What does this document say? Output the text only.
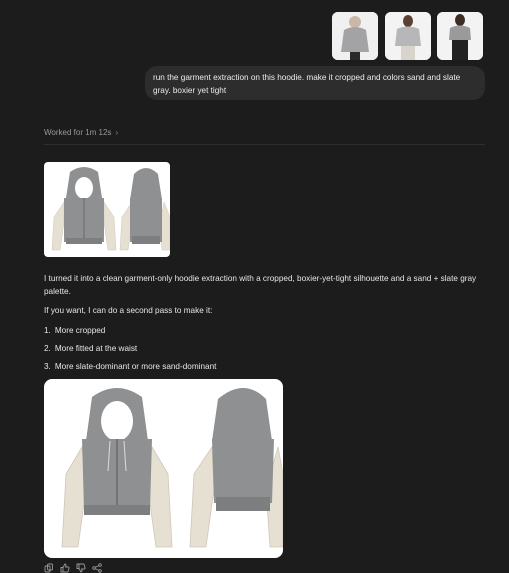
run the garment extraction on this hoodie. make it cropped and colors sand and slate gray. boxier yet tight
Worked for 1m 12s ›
I turned it into a clean garment-only hoodie extraction with a cropped, boxier-yet-tight silhouette and a sand + slate gray palette.
If you want, I can do a second pass to make it:
1. More cropped
2. More fitted at the waist
3. More slate-dominant or more sand-dominant
